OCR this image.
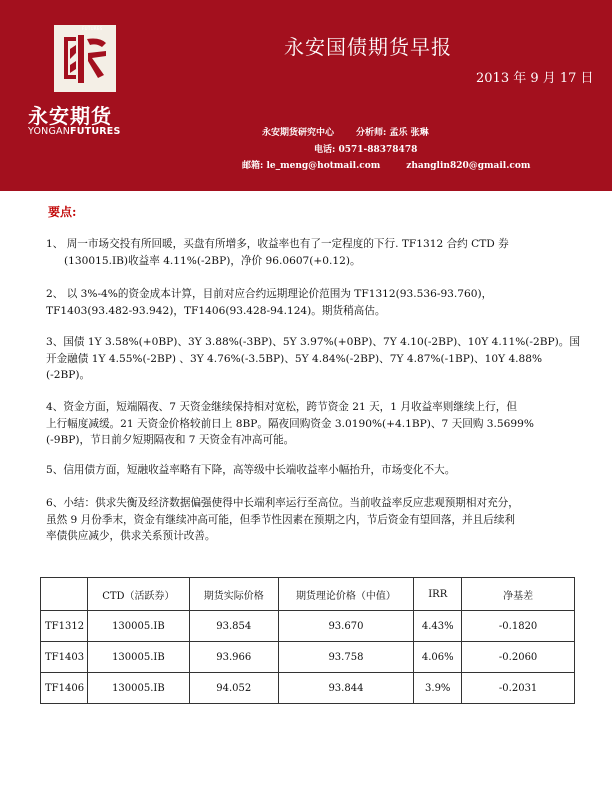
FUTURES
永安期货
YONGANFUTURES
永安国债期货早报
2013 年 9 月 17 日
永安期货研究中心 分析师: 孟乐 张琳
电话: 0571-88378478
邮箱: le_meng@hotmail.com	zhanglin820@gmail.com
要点:
1、 周一市场交投有所回暖，买盘有所增多，收益率也有了一定程度的下行. TF1312 合约 CTD 券
(130015.IB)收益率 4.11%(-2BP)，净价 96.0607(+0.12)。
2、 以 3%-4%的资金成本计算，目前对应合约远期理论价范围为 TF1312(93.536-93.760)，
TF1403(93.482-93.942)，TF1406(93.428-94.124)。期货稍高估。
3、国债 1Y 3.58%(+0BP)、3Y 3.88%(-3BP)、5Y 3.97%(+0BP)、7Y 4.10(-2BP)、10Y 4.11%(-2BP)。国
开金融债 1Y 4.55%(-2BP) 、3Y 4.76%(-3.5BP)、5Y 4.84%(-2BP)、7Y 4.87%(-1BP)、10Y 4.88%
(-2BP)。
4、资金方面，短端隔夜、7 天资金继续保持相对宽松，跨节资金 21 天，1 月收益率则继续上行，但
上行幅度减缓。21 天资金价格较前日上 8BP。隔夜回购资金 3.0190%(+4.1BP)、7 天回购 3.5699%
(-9BP)，节日前夕短期隔夜和 7 天资金有冲高可能。
5、信用债方面，短融收益率略有下降，高等级中长端收益率小幅抬升，市场变化不大。
6、小结：供求失衡及经济数据偏强使得中长端利率运行至高位。当前收益率反应悲观预期相对充分，
虽然 9 月份季末，资金有继续冲高可能，但季节性因素在预期之内，节后资金有望回落，并且后续利
率债供应减少，供求关系预计改善。
	CTD（活跃券）	期货实际价格	期货理论价格（中值）	IRR	净基差
TF1312	130005.IB	93.854	93.670	4.43%	-0.1820
TF1403	130005.IB	93.966	93.758	4.06%	-0.2060
TF1406	130005.IB	94.052	93.844	3.9%	-0.2031
